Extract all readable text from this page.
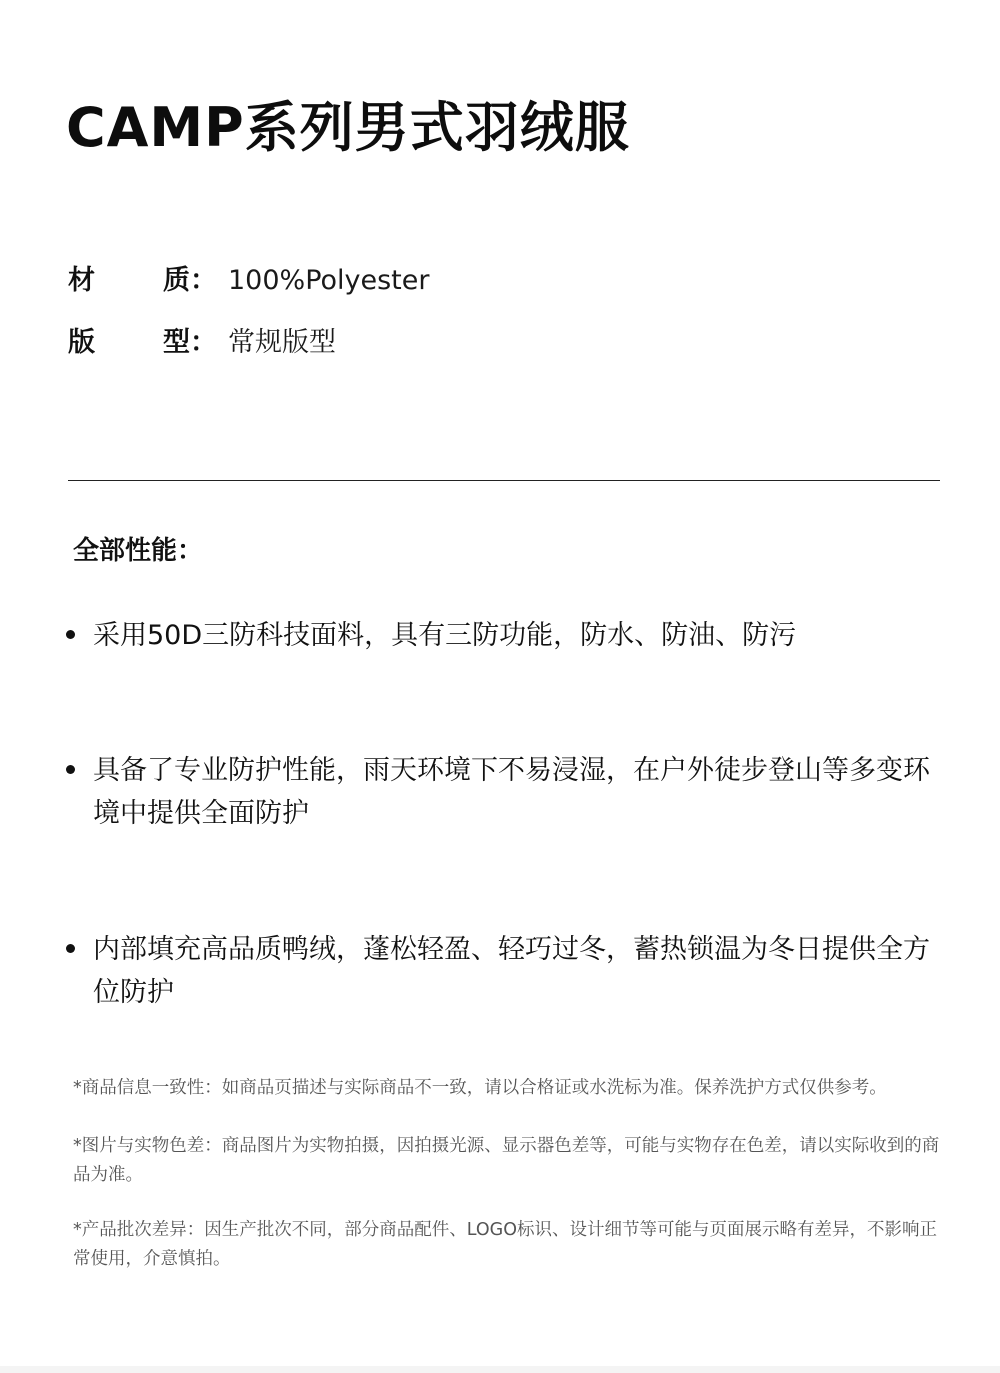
CAMP系列男式羽绒服
材	质： 100%Polyester
版	型： 常规版型
全部性能：
采用50D三防科技面料，具有三防功能，防水、防油、防污
具备了专业防护性能，雨天环境下不易浸湿，在户外徒步登山等多变环境中提供全面防护
内部填充高品质鸭绒，蓬松轻盈、轻巧过冬，蓄热锁温为冬日提供全方位防护
*商品信息一致性：如商品页描述与实际商品不一致，请以合格证或水洗标为准。保养洗护方式仅供参考。
*图片与实物色差：商品图片为实物拍摄，因拍摄光源、显示器色差等，可能与实物存在色差，请以实际收到的商品为准。
*产品批次差异：因生产批次不同，部分商品配件、LOGO标识、设计细节等可能与页面展示略有差异，不影响正常使用，介意慎拍。
